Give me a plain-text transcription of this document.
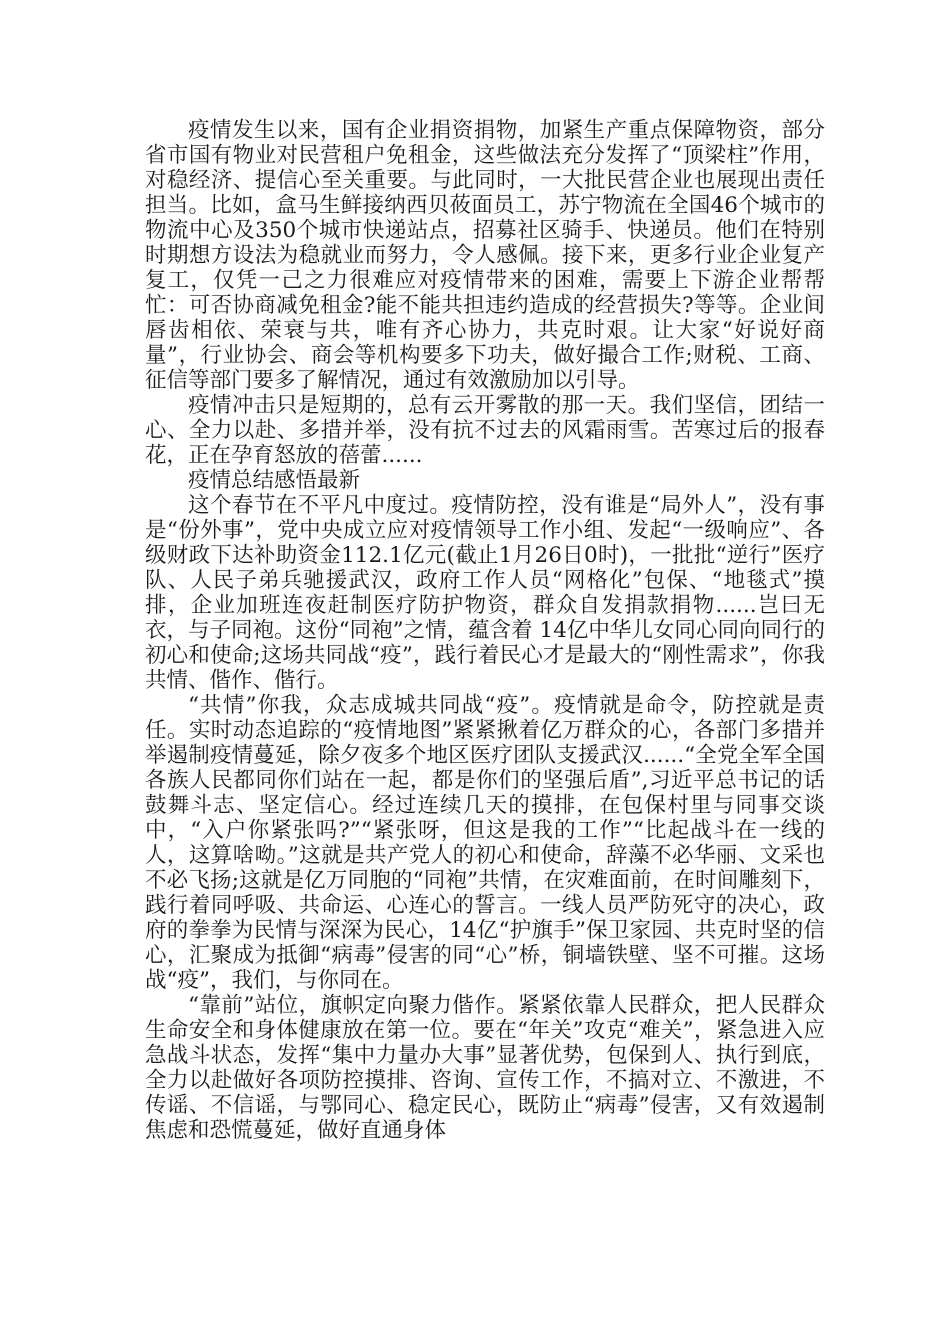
疫情发生以来，国有企业捐资捐物，加紧生产重点保障物资，部分省市国有物业对民营租户免租金，这些做法充分发挥了“顶梁柱”作用，对稳经济、提信心至关重要。与此同时，一大批民营企业也展现出责任担当。比如，盒马生鲜接纳西贝莜面员工，苏宁物流在全国46个城市的物流中心及350个城市快递站点，招募社区骑手、快递员。他们在特别时期想方设法为稳就业而努力，令人感佩。接下来，更多行业企业复产复工，仅凭一己之力很难应对疫情带来的困难，需要上下游企业帮帮忙：可否协商减免租金?能不能共担违约造成的经营损失?等等。企业间唇齿相依、荣衰与共，唯有齐心协力，共克时艰。让大家“好说好商量”，行业协会、商会等机构要多下功夫，做好撮合工作;财税、工商、征信等部门要多了解情况，通过有效激励加以引导。

疫情冲击只是短期的，总有云开雾散的那一天。我们坚信，团结一心、全力以赴、多措并举，没有抗不过去的风霜雨雪。苦寒过后的报春花，正在孕育怒放的蓓蕾......

疫情总结感悟最新

这个春节在不平凡中度过。疫情防控，没有谁是“局外人”，没有事是“份外事”，党中央成立应对疫情领导工作小组、发起“一级响应”、各级财政下达补助资金112.1亿元(截止1月26日0时)，一批批“逆行”医疗队、人民子弟兵驰援武汉，政府工作人员“网格化”包保、“地毯式”摸排，企业加班连夜赶制医疗防护物资，群众自发捐款捐物......岂曰无衣，与子同袍。这份“同袍”之情，蕴含着 14亿中华儿女同心同向同行的初心和使命;这场共同战“疫”，践行着民心才是最大的“刚性需求”，你我共情、偕作、偕行。

“共情”你我，众志成城共同战“疫”。疫情就是命令，防控就是责任。实时动态追踪的“疫情地图”紧紧揪着亿万群众的心，各部门多措并举遏制疫情蔓延，除夕夜多个地区医疗团队支援武汉......“全党全军全国各族人民都同你们站在一起，都是你们的坚强后盾”,习近平总书记的话鼓舞斗志、坚定信心。经过连续几天的摸排，在包保村里与同事交谈中，“入户你紧张吗?”“紧张呀，但这是我的工作”“比起战斗在一线的人，这算啥呦。”这就是共产党人的初心和使命，辞藻不必华丽、文采也不必飞扬;这就是亿万同胞的“同袍”共情，在灾难面前，在时间雕刻下，践行着同呼吸、共命运、心连心的誓言。一线人员严防死守的决心，政府的拳拳为民情与深深为民心，14亿“护旗手”保卫家园、共克时坚的信心，汇聚成为抵御“病毒”侵害的同“心”桥，铜墙铁壁、坚不可摧。这场战“疫”，我们，与你同在。

“靠前”站位，旗帜定向聚力偕作。紧紧依靠人民群众，把人民群众生命安全和身体健康放在第一位。要在“年关”攻克“难关”，紧急进入应急战斗状态，发挥“集中力量办大事”显著优势，包保到人、执行到底，全力以赴做好各项防控摸排、咨询、宣传工作，不搞对立、不激进，不传谣、不信谣，与鄂同心、稳定民心，既防止“病毒”侵害，又有效遏制焦虑和恐慌蔓延，做好直通身体
